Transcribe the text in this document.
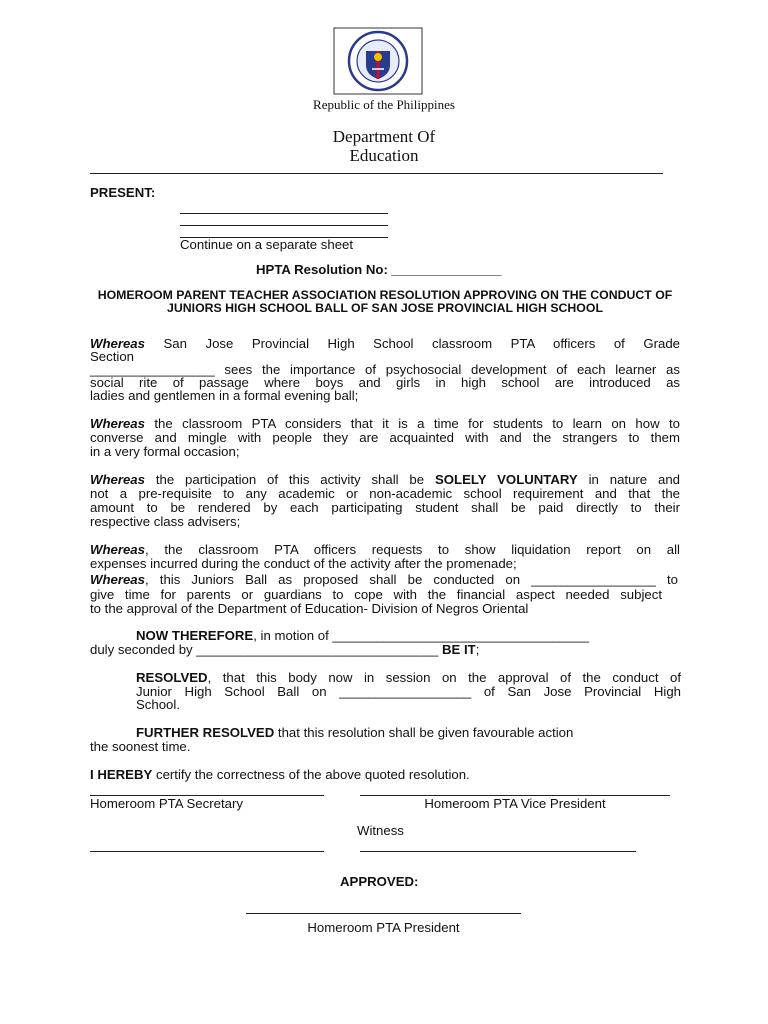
Republic of the Philippines
Department Of Education
PRESENT:
Continue on a separate sheet
HPTA Resolution No: _______________
HOMEROOM PARENT TEACHER ASSOCIATION RESOLUTION APPROVING ON THE CONDUCT OF JUNIORS HIGH SCHOOL BALL OF SAN JOSE PROVINCIAL HIGH SCHOOL
Whereas San Jose Provincial High School classroom PTA officers of Grade
Section
_________________ sees the importance of psychosocial development of each learner as
social rite of passage where boys and girls in high school are introduced as
ladies and gentlemen in a formal evening ball;
Whereas the classroom PTA considers that it is a time for students to learn on how to
converse and mingle with people they are acquainted with and the strangers to them
in a very formal occasion;
Whereas the participation of this activity shall be SOLELY VOLUNTARY in nature and
not a pre-requisite to any academic or non-academic school requirement and that the
amount to be rendered by each participating student shall be paid directly to their
respective class advisers;
Whereas, the classroom PTA officers requests to show liquidation report on all
expenses incurred during the conduct of the activity after the promenade;
Whereas, this Juniors Ball as proposed shall be conducted on _________________ to
give time for parents or guardians to cope with the financial aspect needed subject
to the approval of the Department of Education- Division of Negros Oriental
NOW THEREFORE, in motion of ___________________________________
duly seconded by _________________________________ BE IT;
RESOLVED, that this body now in session on the approval of the conduct of
Junior High School Ball on __________________ of San Jose Provincial High
School.
FURTHER RESOLVED that this resolution shall be given favourable action
the soonest time.
I HEREBY certify the correctness of the above quoted resolution.
Homeroom PTA Secretary	Homeroom PTA Vice President
Witness
APPROVED:
Homeroom PTA President
